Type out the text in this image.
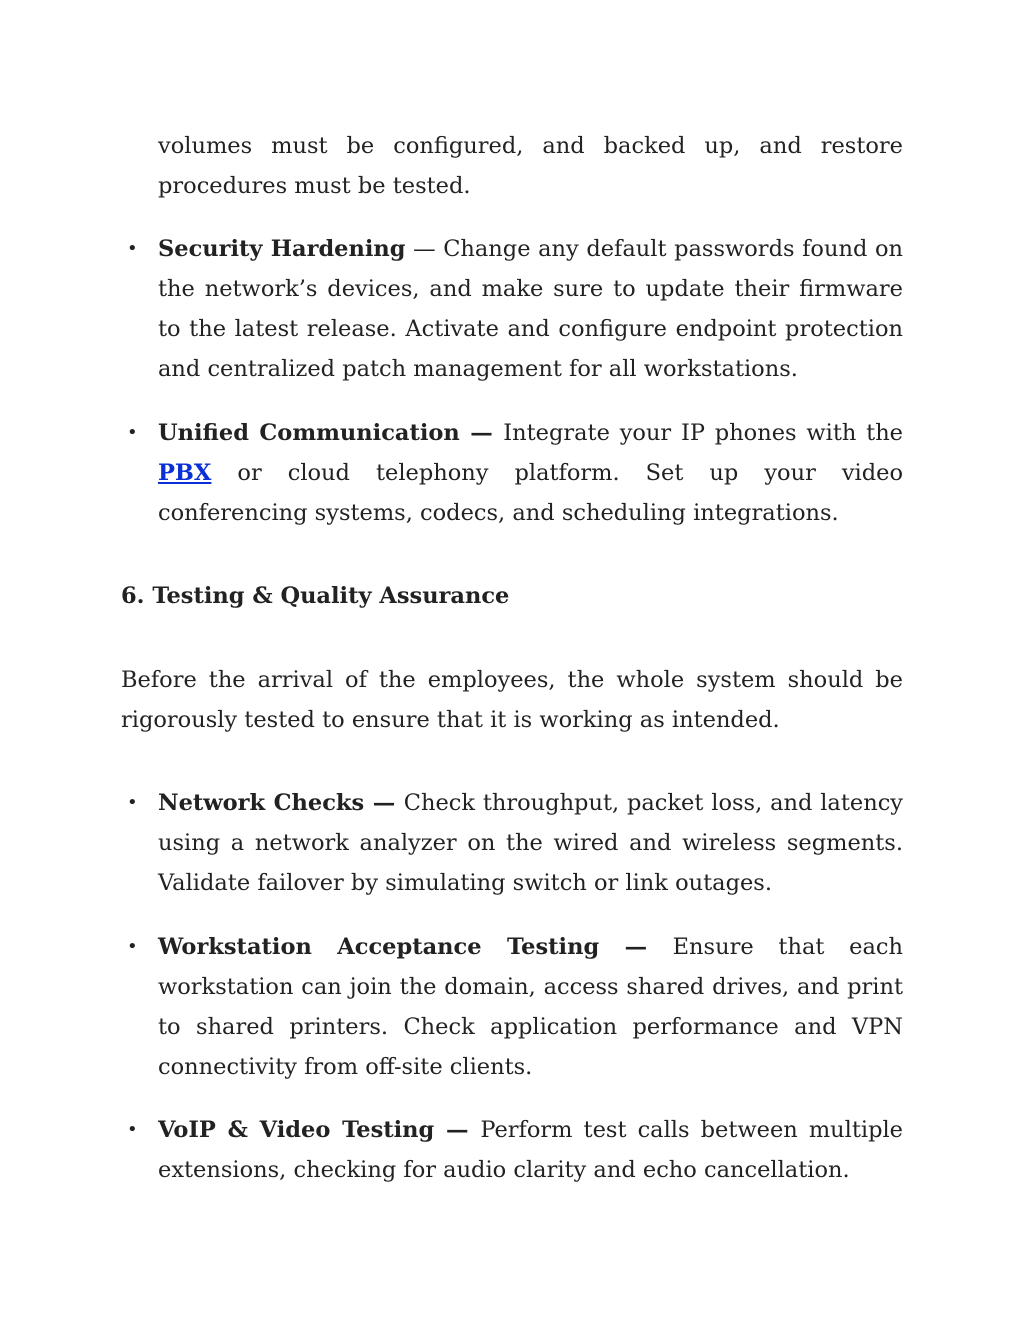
volumes must be configured, and backed up, and restore procedures must be tested.

• Security Hardening — Change any default passwords found on the network’s devices, and make sure to update their firmware to the latest release. Activate and configure endpoint protection and centralized patch management for all workstations.

• Unified Communication — Integrate your IP phones with the PBX or cloud telephony platform. Set up your video conferencing systems, codecs, and scheduling integrations.

6. Testing & Quality Assurance

Before the arrival of the employees, the whole system should be rigorously tested to ensure that it is working as intended.

• Network Checks — Check throughput, packet loss, and latency using a network analyzer on the wired and wireless segments. Validate failover by simulating switch or link outages.

• Workstation Acceptance Testing — Ensure that each workstation can join the domain, access shared drives, and print to shared printers. Check application performance and VPN connectivity from off-site clients.

• VoIP & Video Testing — Perform test calls between multiple extensions, checking for audio clarity and echo cancellation.
